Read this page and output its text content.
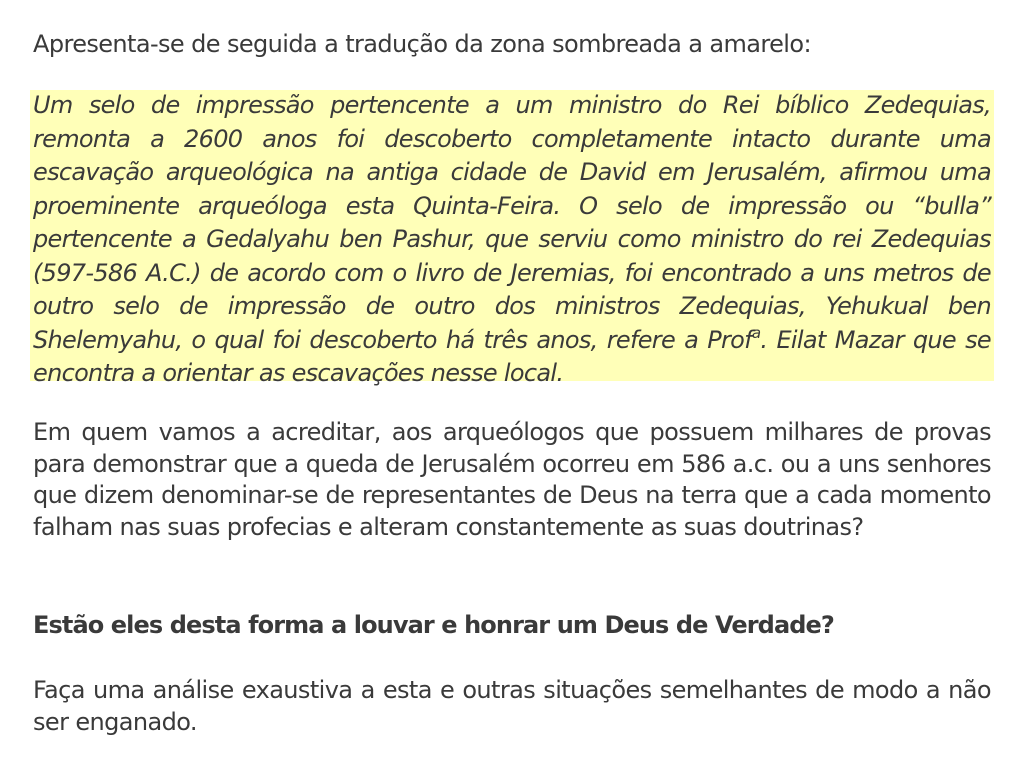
Apresenta-se de seguida a tradução da zona sombreada a amarelo:

Um selo de impressão pertencente a um ministro do Rei bíblico Zedequias, remonta a 2600 anos foi descoberto completamente intacto durante uma escavação arqueológica na antiga cidade de David em Jerusalém, afirmou uma proeminente arqueóloga esta Quinta-Feira. O selo de impressão ou “bulla” pertencente a Gedalyahu ben Pashur, que serviu como ministro do rei Zedequias (597-586 A.C.) de acordo com o livro de Jeremias, foi encontrado a uns metros de outro selo de impressão de outro dos ministros Zedequias, Yehukual ben Shelemyahu, o qual foi descoberto há três anos, refere a Prof$^a$. Eilat Mazar que se encontra a orientar as escavações nesse local.

Em quem vamos a acreditar, aos arqueólogos que possuem milhares de provas para demonstrar que a queda de Jerusalém ocorreu em 586 a.c. ou a uns senhores que dizem denominar-se de representantes de Deus na terra que a cada momento falham nas suas profecias e alteram constantemente as suas doutrinas?

Estão eles desta forma a louvar e honrar um Deus de Verdade?

Faça uma análise exaustiva a esta e outras situações semelhantes de modo a não ser enganado.
